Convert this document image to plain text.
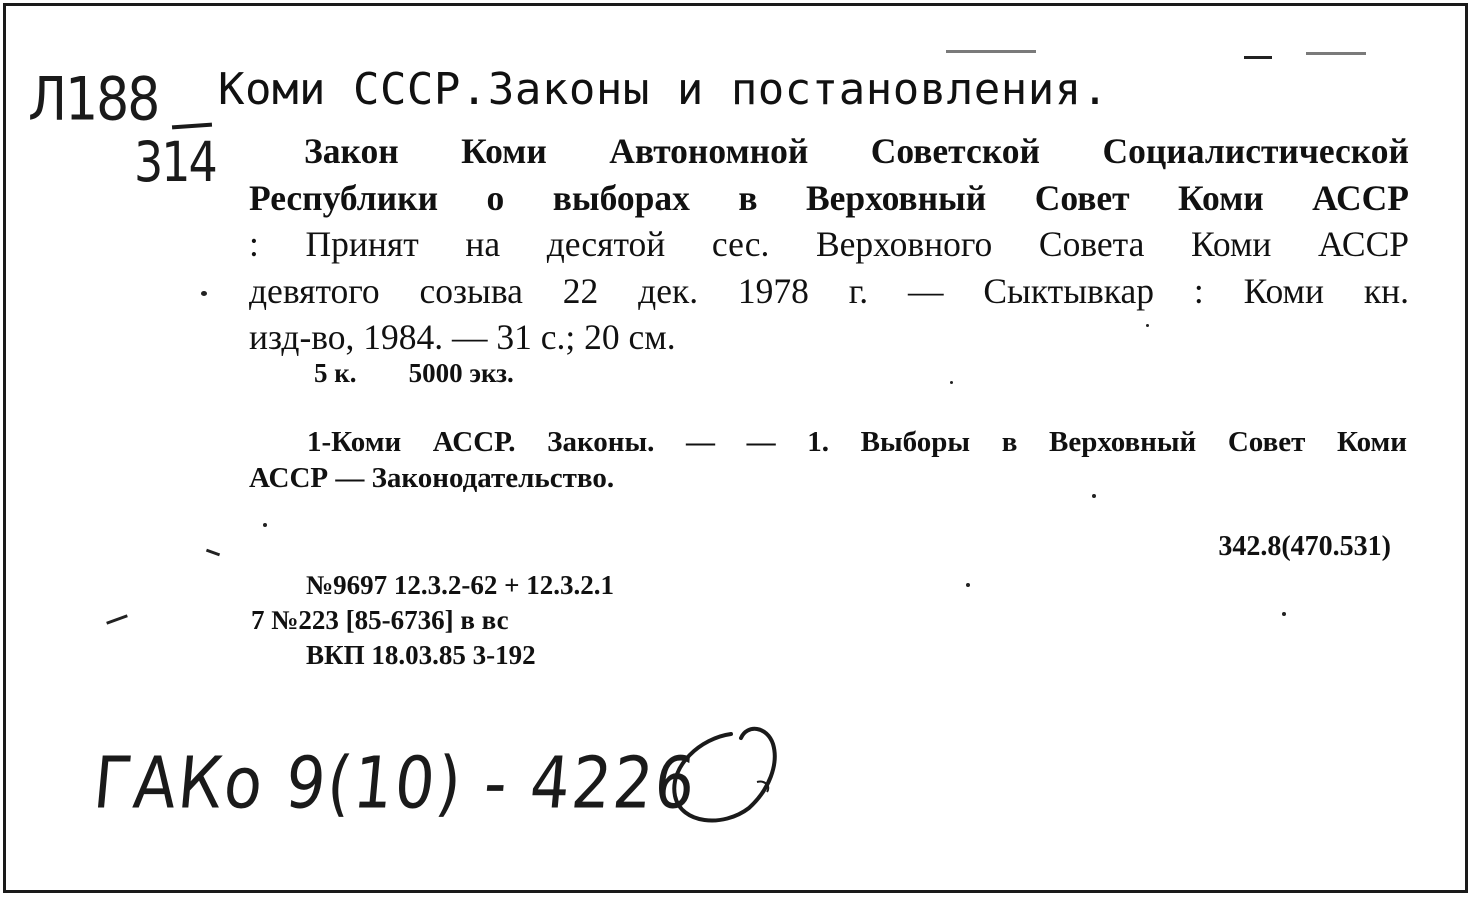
Л188
314
Коми СССР.Законы и постановления.
Закон Коми Автономной Советской Социалистической
Республики о выборах в Верховный Совет Коми АССР
: Принят на десятой сес. Верховного Совета Коми АССР
девятого созыва 22 дек. 1978 г. — Сыктывкар : Коми кн.
изд-во, 1984. — 31 с.; 20 см.
5 к. 5000 экз.
1-Коми АССР. Законы. — — 1. Выборы в Верховный Совет Коми
АССР — Законодательство.
342.8(470.531)
№9697 12.3.2-62 + 12.3.2.1
7 №223 [85-6736] в вс
ВКП 18.03.85 3-192
ГАКо 9(10) - 4226
